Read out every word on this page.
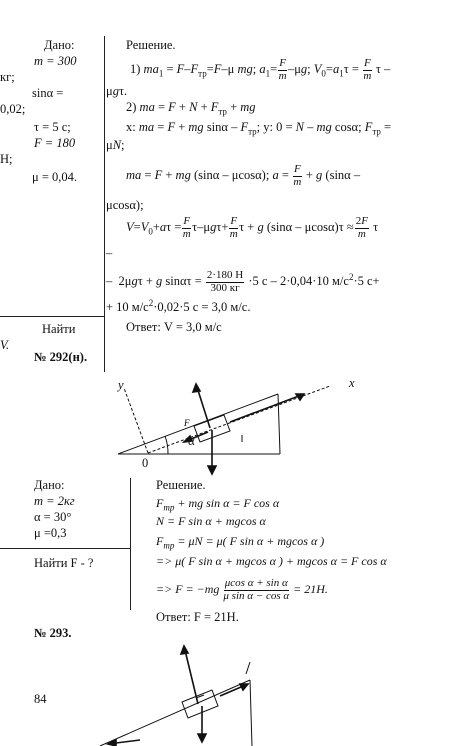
Дано:
m = 300
кг;
sinα =
0,02;
τ = 5 с;
F = 180
Н;
μ = 0,04.
Найти
V.
Решение.
1) $ma_1 = F-F_{тр}=F-\mu$ mg; $a_1= \frac{F}{m} -\mu g$; $V_0=a_1\tau = \frac{F}{m}$ τ –
μgτ.
2) ma = $F + N + F_{тр}$ + mg
x: ma = F + mg sinα – $F_{тр}$; y: 0 = N – mg cosα; $F_{тр}$ =
μN;
ma = F + mg (sinα – μcosα); $a = \frac{F}{m} + g$ (sinα –
μcosα);
$V=V_0+a\tau = \frac{F}{m} \tau-\mu g\tau+ \frac{F}{m}$ τ + g $(\sin\alpha - \mu\cos\alpha)\tau \approx \frac{2F}{m}$ τ
–
–  2μgτ + g $\sin\alpha\tau = \frac{2\cdot 180 Н}{300 кг} \cdot 5$ с – 2·0,04·10 $м/с^2\cdot 5$ с+
+ 10 $м/с^2\cdot 0,02\cdot 5$ с = 3,0 м/с.
Ответ: V = 3,0 м/с
№ 292(н).
F
y	x
0
α
Дано:
m = 2кг
α = 30°
μ =0,3
Найти F - ?
Решение.
$F_{тр}$ + mg sin α = F cos α
N = F sin α + mgcos α
$F_{тр} = \mu N = \mu$( F sin α + mgcos α )
=> μ( F sin α + mgcos α ) + mgcos α = F cos α
=> $F = -mg \frac{\text{μcos α + sin α}}{\text{μ sin α − cos α}} = 21H$.
Ответ: F = 21Н.
№ 293.
84
